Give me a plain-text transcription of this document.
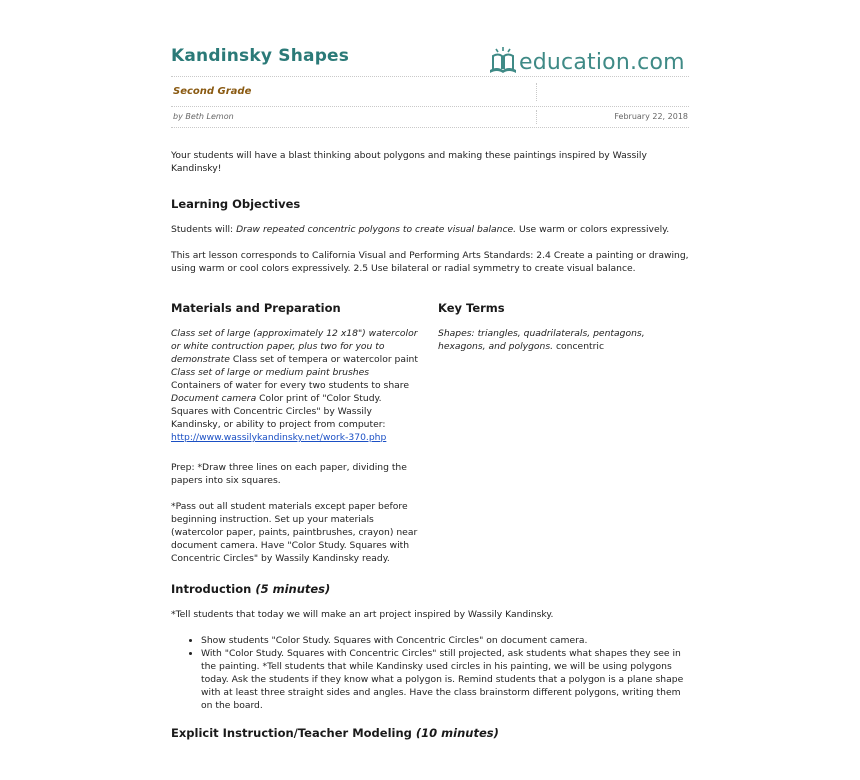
Kandinsky Shapes	education.com
Second Grade
by Beth Lemon	February 22, 2018

Your students will have a blast thinking about polygons and making these paintings inspired by Wassily Kandinsky!

Learning Objectives

Students will: Draw repeated concentric polygons to create visual balance. Use warm or colors expressively.

This art lesson corresponds to California Visual and Performing Arts Standards: 2.4 Create a painting or drawing, using warm or cool colors expressively. 2.5 Use bilateral or radial symmetry to create visual balance.

Materials and Preparation

Class set of large (approximately 12 x18") watercolor or white contruction paper, plus two for you to demonstrate Class set of tempera or watercolor paint Class set of large or medium paint brushes Containers of water for every two students to share Document camera Color print of "Color Study. Squares with Concentric Circles" by Wassily Kandinsky, or ability to project from computer: http://www.wassilykandinsky.net/work-370.php

Prep: *Draw three lines on each paper, dividing the papers into six squares.

*Pass out all student materials except paper before beginning instruction. Set up your materials (watercolor paper, paints, paintbrushes, crayon) near document camera. Have "Color Study. Squares with Concentric Circles" by Wassily Kandinsky ready.

Key Terms

Shapes: triangles, quadrilaterals, pentagons, hexagons, and polygons. concentric

Introduction (5 minutes)

*Tell students that today we will make an art project inspired by Wassily Kandinsky.

• Show students "Color Study. Squares with Concentric Circles" on document camera.
• With "Color Study. Squares with Concentric Circles" still projected, ask students what shapes they see in the painting. *Tell students that while Kandinsky used circles in his painting, we will be using polygons today. Ask the students if they know what a polygon is. Remind students that a polygon is a plane shape with at least three straight sides and angles. Have the class brainstorm different polygons, writing them on the board.
Explicit Instruction/Teacher Modeling (10 minutes)
